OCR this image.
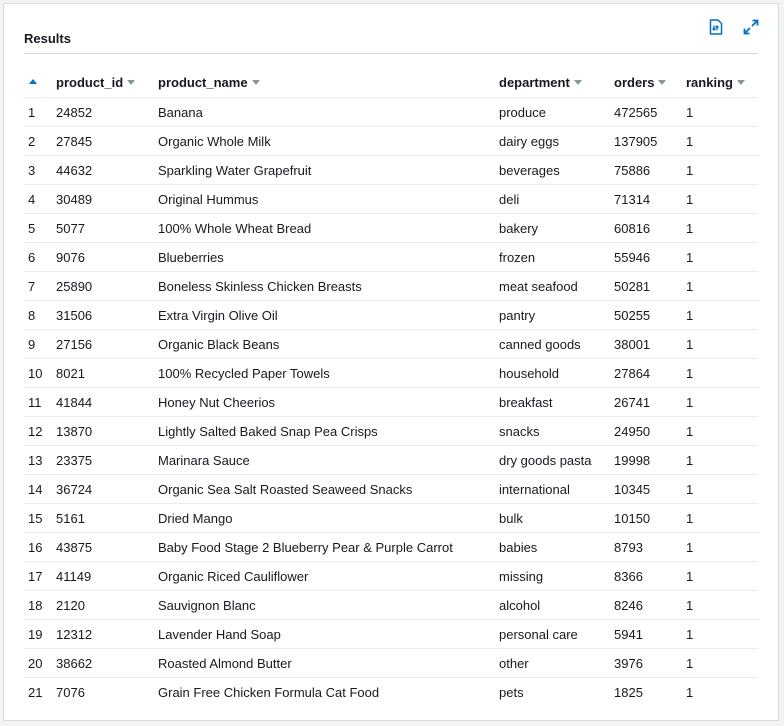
Results
	product_id	product_name	department	orders	ranking
1	24852	Banana	produce	472565	1
2	27845	Organic Whole Milk	dairy eggs	137905	1
3	44632	Sparkling Water Grapefruit	beverages	75886	1
4	30489	Original Hummus	deli	71314	1
5	5077	100% Whole Wheat Bread	bakery	60816	1
6	9076	Blueberries	frozen	55946	1
7	25890	Boneless Skinless Chicken Breasts	meat seafood	50281	1
8	31506	Extra Virgin Olive Oil	pantry	50255	1
9	27156	Organic Black Beans	canned goods	38001	1
10	8021	100% Recycled Paper Towels	household	27864	1
11	41844	Honey Nut Cheerios	breakfast	26741	1
12	13870	Lightly Salted Baked Snap Pea Crisps	snacks	24950	1
13	23375	Marinara Sauce	dry goods pasta	19998	1
14	36724	Organic Sea Salt Roasted Seaweed Snacks	international	10345	1
15	5161	Dried Mango	bulk	10150	1
16	43875	Baby Food Stage 2 Blueberry Pear & Purple Carrot	babies	8793	1
17	41149	Organic Riced Cauliflower	missing	8366	1
18	2120	Sauvignon Blanc	alcohol	8246	1
19	12312	Lavender Hand Soap	personal care	5941	1
20	38662	Roasted Almond Butter	other	3976	1
21	7076	Grain Free Chicken Formula Cat Food	pets	1825	1
